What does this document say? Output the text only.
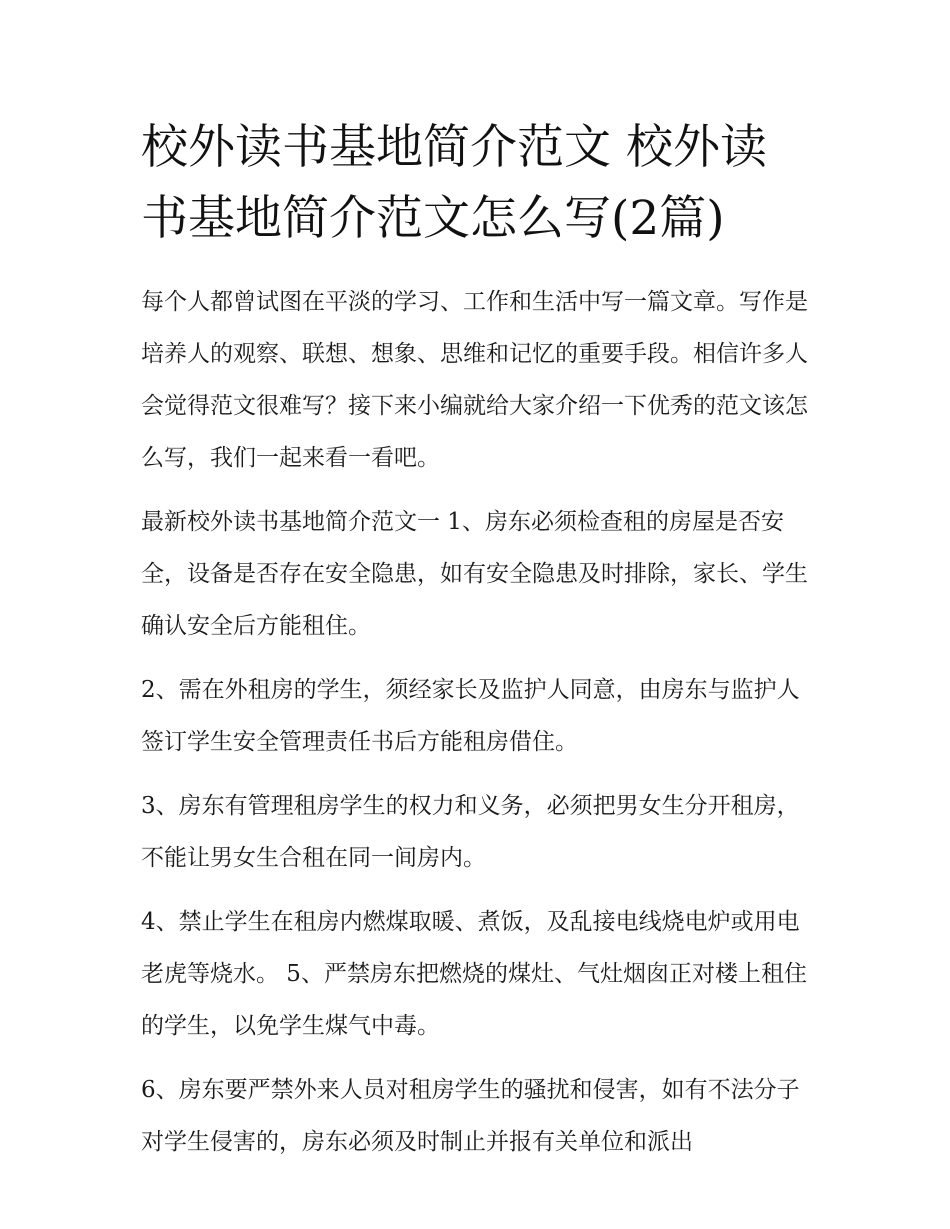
校外读书基地简介范文 校外读书基地简介范文怎么写(2篇)

每个人都曾试图在平淡的学习、工作和生活中写一篇文章。写作是培养人的观察、联想、想象、思维和记忆的重要手段。相信许多人会觉得范文很难写？接下来小编就给大家介绍一下优秀的范文该怎么写，我们一起来看一看吧。

最新校外读书基地简介范文一 1、房东必须检查租的房屋是否安全，设备是否存在安全隐患，如有安全隐患及时排除，家长、学生确认安全后方能租住。

2、需在外租房的学生，须经家长及监护人同意，由房东与监护人签订学生安全管理责任书后方能租房借住。

3、房东有管理租房学生的权力和义务，必须把男女生分开租房，不能让男女生合租在同一间房内。

4、禁止学生在租房内燃煤取暖、煮饭，及乱接电线烧电炉或用电老虎等烧水。 5、严禁房东把燃烧的煤灶、气灶烟囱正对楼上租住的学生，以免学生煤气中毒。

6、房东要严禁外来人员对租房学生的骚扰和侵害，如有不法分子对学生侵害的，房东必须及时制止并报有关单位和派出
